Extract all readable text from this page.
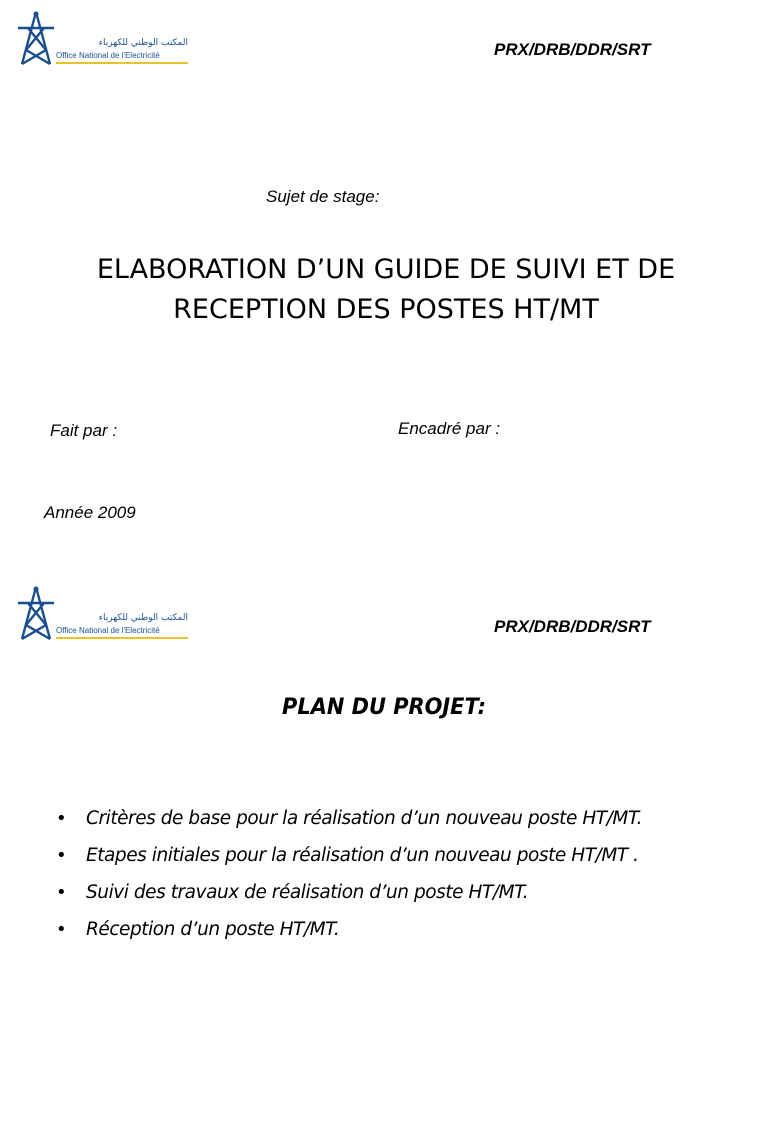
المكتب الوطني للكهرباء
Office National de l'Electricité	PRX/DRB/DDR/SRT
Sujet de stage:
ELABORATION D’UN GUIDE DE SUIVI ET DE
RECEPTION DES POSTES HT/MT
Fait par :	Encadré par :
Année 2009
المكتب الوطني للكهرباء
Office National de l'Electricité	PRX/DRB/DDR/SRT
PLAN DU PROJET:
• Critères de base pour la réalisation d’un nouveau poste HT/MT.
• Etapes initiales pour la réalisation d’un nouveau poste HT/MT .
• Suivi des travaux de réalisation d’un poste HT/MT.
• Réception d’un poste HT/MT.
